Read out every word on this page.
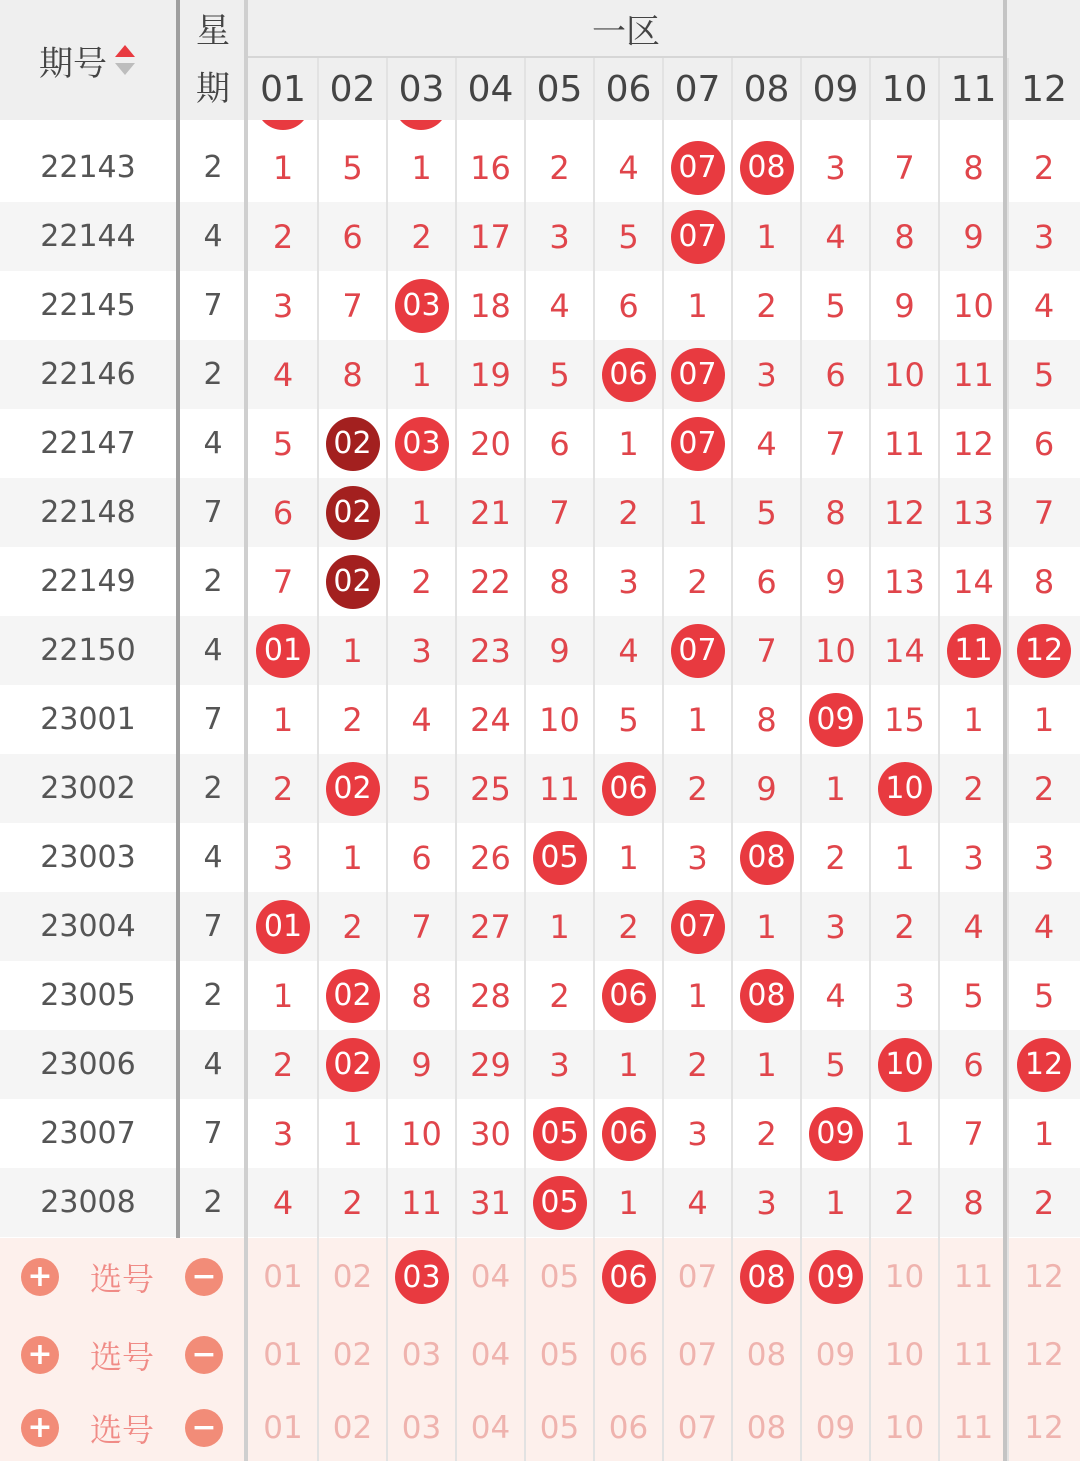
22143	2	1 5 1 16 2 4 07 08 3 7 8 2
22144	4	2 6 2 17 3 5 07 1 4 8 9 3
22145	7	3 7 03 18 4 6 1 2 5 9 10 4
22146	2	4 8 1 19 5 06 07 3 6 10 11 5
22147	4	5 02 03 20 6 1 07 4 7 11 12 6
22148	7	6 02 1 21 7 2 1 5 8 12 13 7
22149	2	7 02 2 22 8 3 2 6 9 13 14 8
22150	4	01 1 3 23 9 4 07 7 10 14 11 12
23001	7	1 2 4 24 10 5 1 8 09 15 1 1
23002	2	2 02 5 25 11 06 2 9 1 10 2 2
23003	4	3 1 6 26 05 1 3 08 2 1 3 3
23004	7	01 2 7 27 1 2 07 1 3 2 4 4
23005	2	1 02 8 28 2 06 1 08 4 3 5 5
23006	4	2 02 9 29 3 1 2 1 5 10 6 12
23007	7	3 1 10 30 05 06 3 2 09 1 7 1
23008	2	4 2 11 31 05 1 4 3 1 2 8 2
期号
星
期
一区
01 02 03 04 05 06 07 08 09 10 11 12
+	选号	− 01 02 03 04 05 06 07 08 09 10 11 12
+	选号	− 01 02 03 04 05 06 07 08 09 10 11 12
+	选号	− 01 02 03 04 05 06 07 08 09 10 11 12
